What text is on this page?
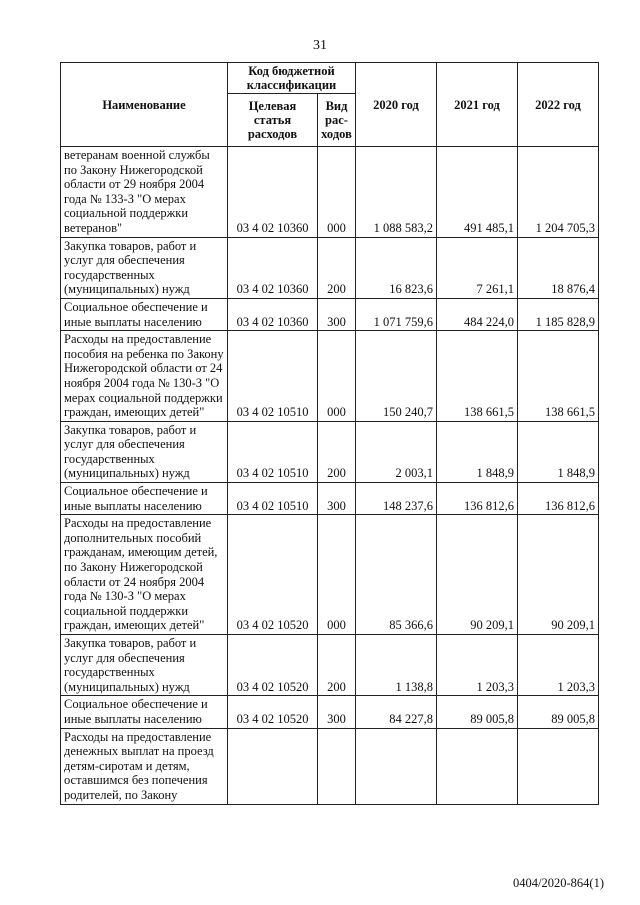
31
Наименование	Код бюджетной классификации		2020 год	2021 год	2022 год
	Целевая статья расходов	Вид рас-ходов			
ветеранам военной службы по Закону Нижегородской области от 29 ноября 2004 года № 133-З "О мерах социальной поддержки ветеранов"	03 4 02 10360	000	1 088 583,2	491 485,1	1 204 705,3
Закупка товаров, работ и услуг для обеспечения государственных (муниципальных) нужд	03 4 02 10360	200	16 823,6	7 261,1	18 876,4
Социальное обеспечение и иные выплаты населению	03 4 02 10360	300	1 071 759,6	484 224,0	1 185 828,9
Расходы на предоставление пособия на ребенка по Закону Нижегородской области от 24 ноября 2004 года № 130-З "О мерах социальной поддержки граждан, имеющих детей"	03 4 02 10510	000	150 240,7	138 661,5	138 661,5
Закупка товаров, работ и услуг для обеспечения государственных (муниципальных) нужд	03 4 02 10510	200	2 003,1	1 848,9	1 848,9
Социальное обеспечение и иные выплаты населению	03 4 02 10510	300	148 237,6	136 812,6	136 812,6
Расходы на предоставление дополнительных пособий гражданам, имеющим детей, по Закону Нижегородской области от 24 ноября 2004 года № 130-З "О мерах социальной поддержки граждан, имеющих детей"	03 4 02 10520	000	85 366,6	90 209,1	90 209,1
Закупка товаров, работ и услуг для обеспечения государственных (муниципальных) нужд	03 4 02 10520	200	1 138,8	1 203,3	1 203,3
Социальное обеспечение и иные выплаты населению	03 4 02 10520	300	84 227,8	89 005,8	89 005,8
Расходы на предоставление денежных выплат на проезд детям-сиротам и детям, оставшимся без попечения родителей, по Закону					
0404/2020-864(1)
